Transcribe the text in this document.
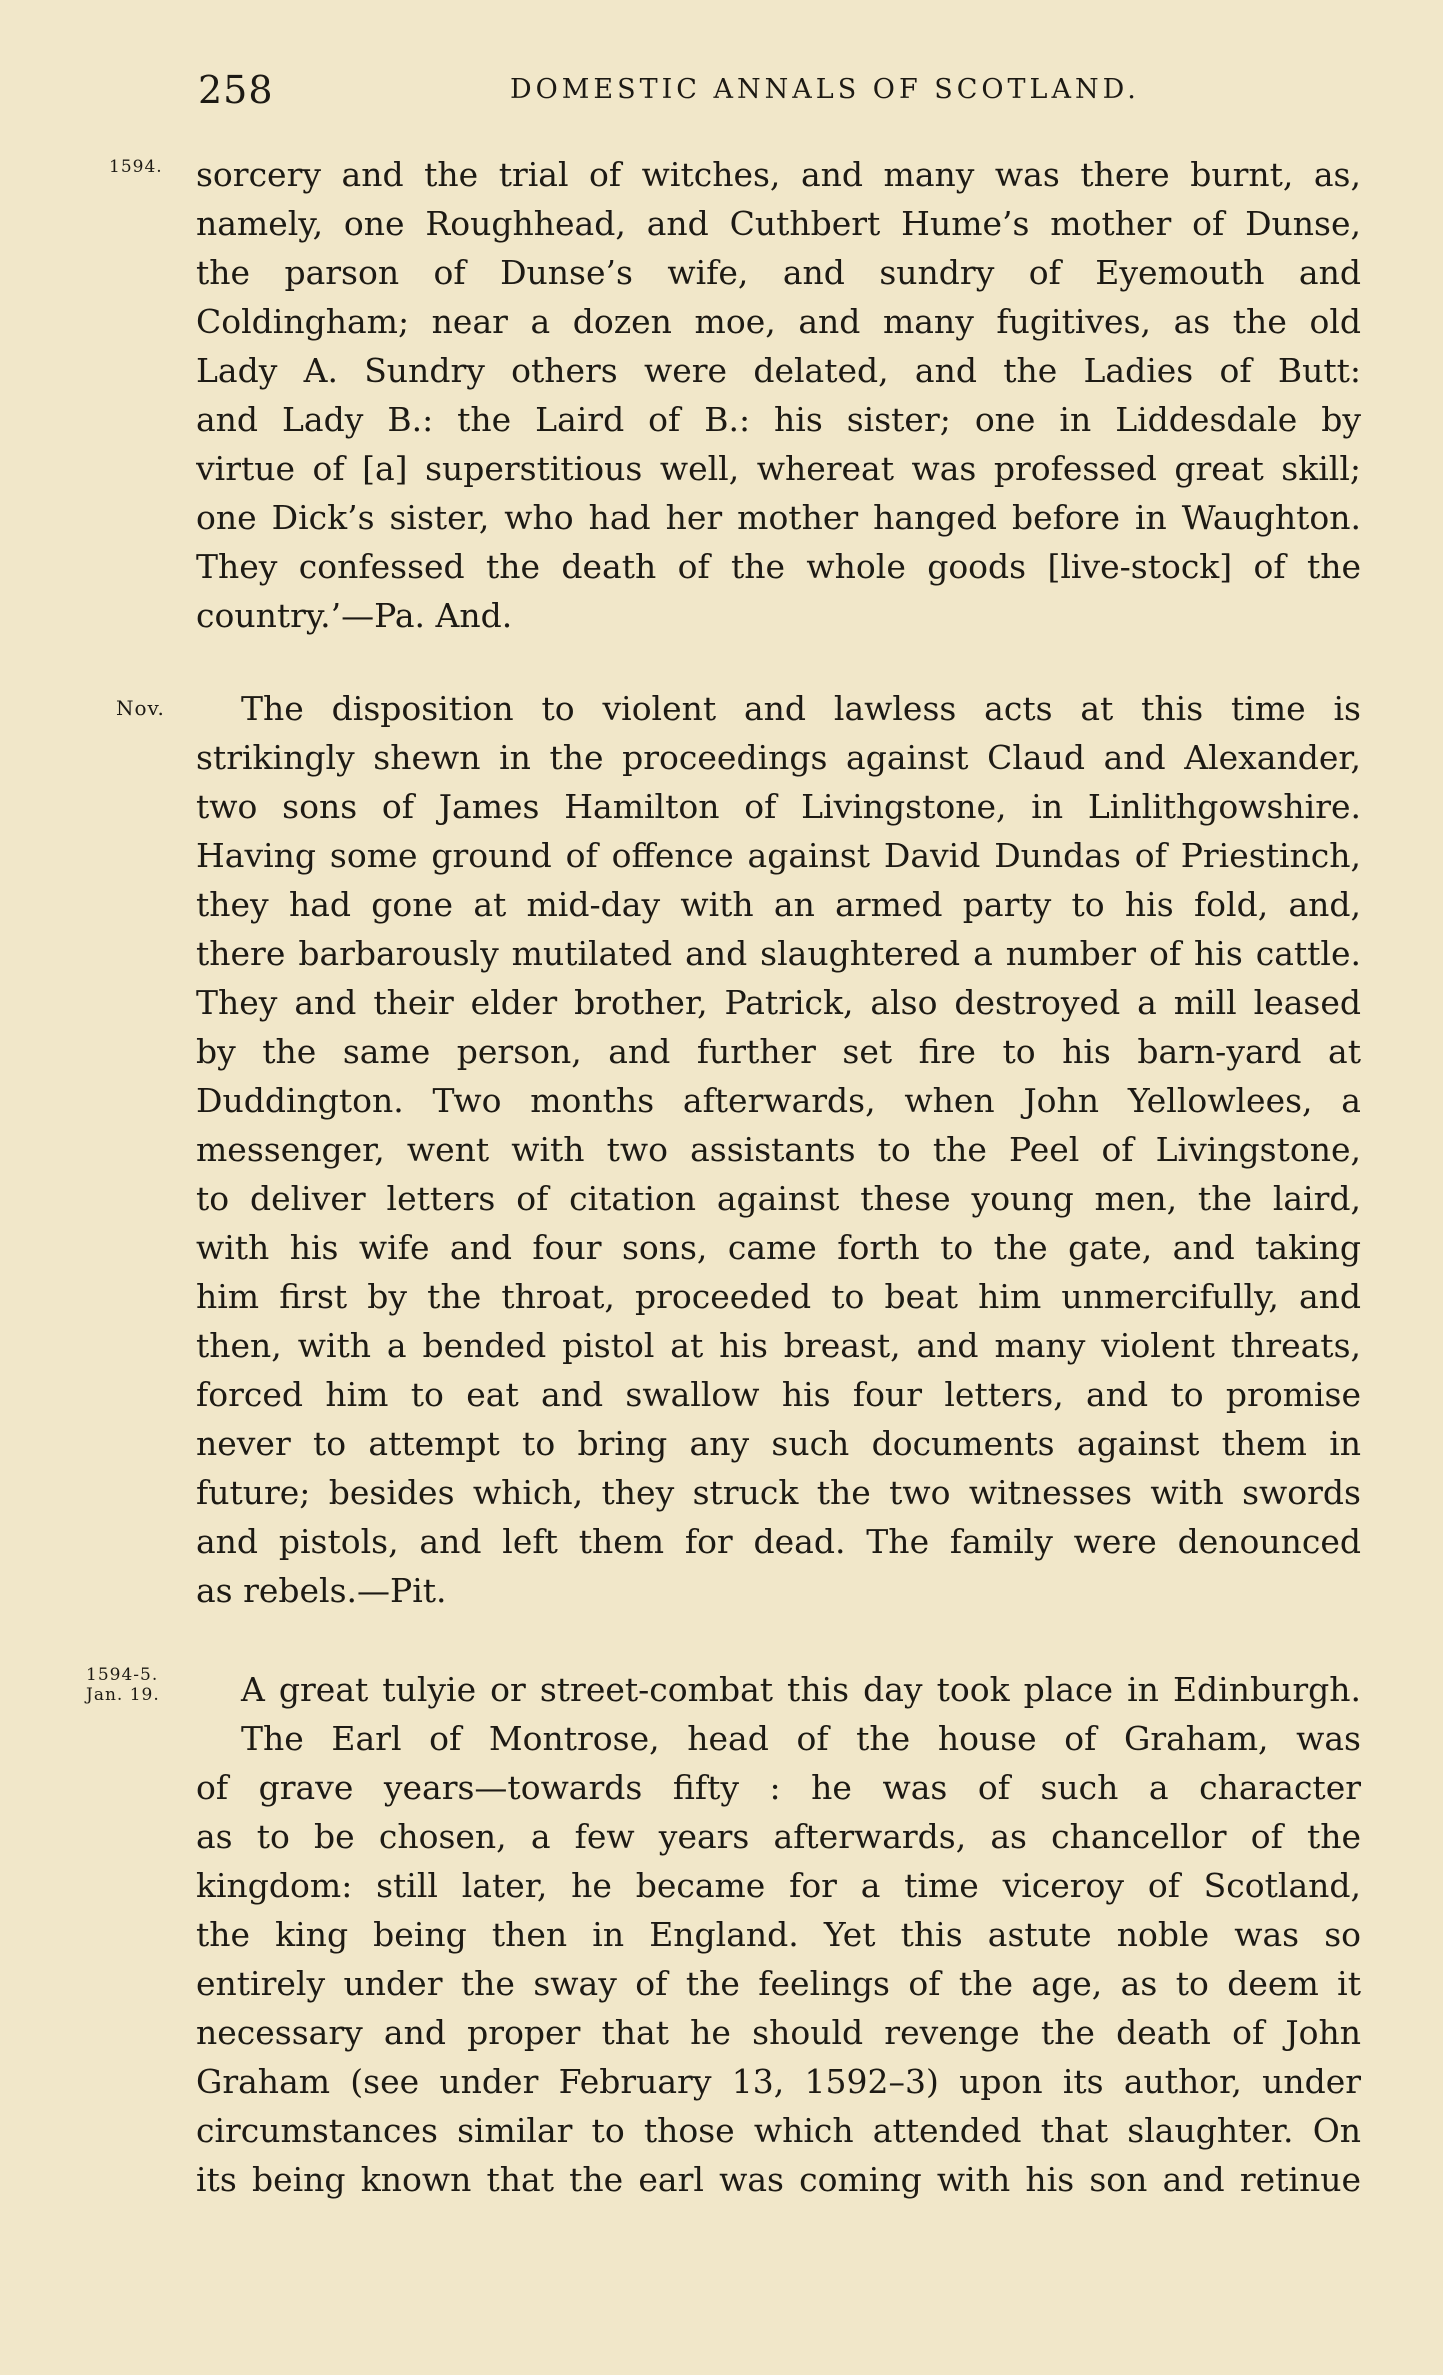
258	DOMESTIC ANNALS OF SCOTLAND.
1594. sorcery and the trial of witches, and many was there burnt, as,
namely, one Roughhead, and Cuthbert Hume’s mother of Dunse,
the parson of Dunse’s wife, and sundry of Eyemouth and
Coldingham; near a dozen moe, and many fugitives, as the old
Lady A. Sundry others were delated, and the Ladies of Butt:
and Lady B.: the Laird of B.: his sister; one in Liddesdale by
virtue of [a] superstitious well, whereat was professed great skill;
one Dick’s sister, who had her mother hanged before in Waughton.
They confessed the death of the whole goods [live-stock] of the
country.’—Pa. And.
Nov.	The disposition to violent and lawless acts at this time is
strikingly shewn in the proceedings against Claud and Alexander,
two sons of James Hamilton of Livingstone, in Linlithgowshire.
Having some ground of offence against David Dundas of Priestinch,
they had gone at mid-day with an armed party to his fold, and,
there barbarously mutilated and slaughtered a number of his cattle.
They and their elder brother, Patrick, also destroyed a mill leased
by the same person, and further set fire to his barn-yard at
Duddington. Two months afterwards, when John Yellowlees, a
messenger, went with two assistants to the Peel of Livingstone,
to deliver letters of citation against these young men, the laird,
with his wife and four sons, came forth to the gate, and taking
him first by the throat, proceeded to beat him unmercifully, and
then, with a bended pistol at his breast, and many violent threats,
forced him to eat and swallow his four letters, and to promise
never to attempt to bring any such documents against them in
future; besides which, they struck the two witnesses with swords
and pistols, and left them for dead. The family were denounced
as rebels.—Pit.
1594-5.
Jan. 19.	A great tulyie or street-combat this day took place in Edinburgh.
The Earl of Montrose, head of the house of Graham, was
of grave years—towards fifty : he was of such a character
as to be chosen, a few years afterwards, as chancellor of the
kingdom: still later, he became for a time viceroy of Scotland,
the king being then in England. Yet this astute noble was so
entirely under the sway of the feelings of the age, as to deem it
necessary and proper that he should revenge the death of John
Graham (see under February 13, 1592–3) upon its author, under
circumstances similar to those which attended that slaughter. On
its being known that the earl was coming with his son and retinue
